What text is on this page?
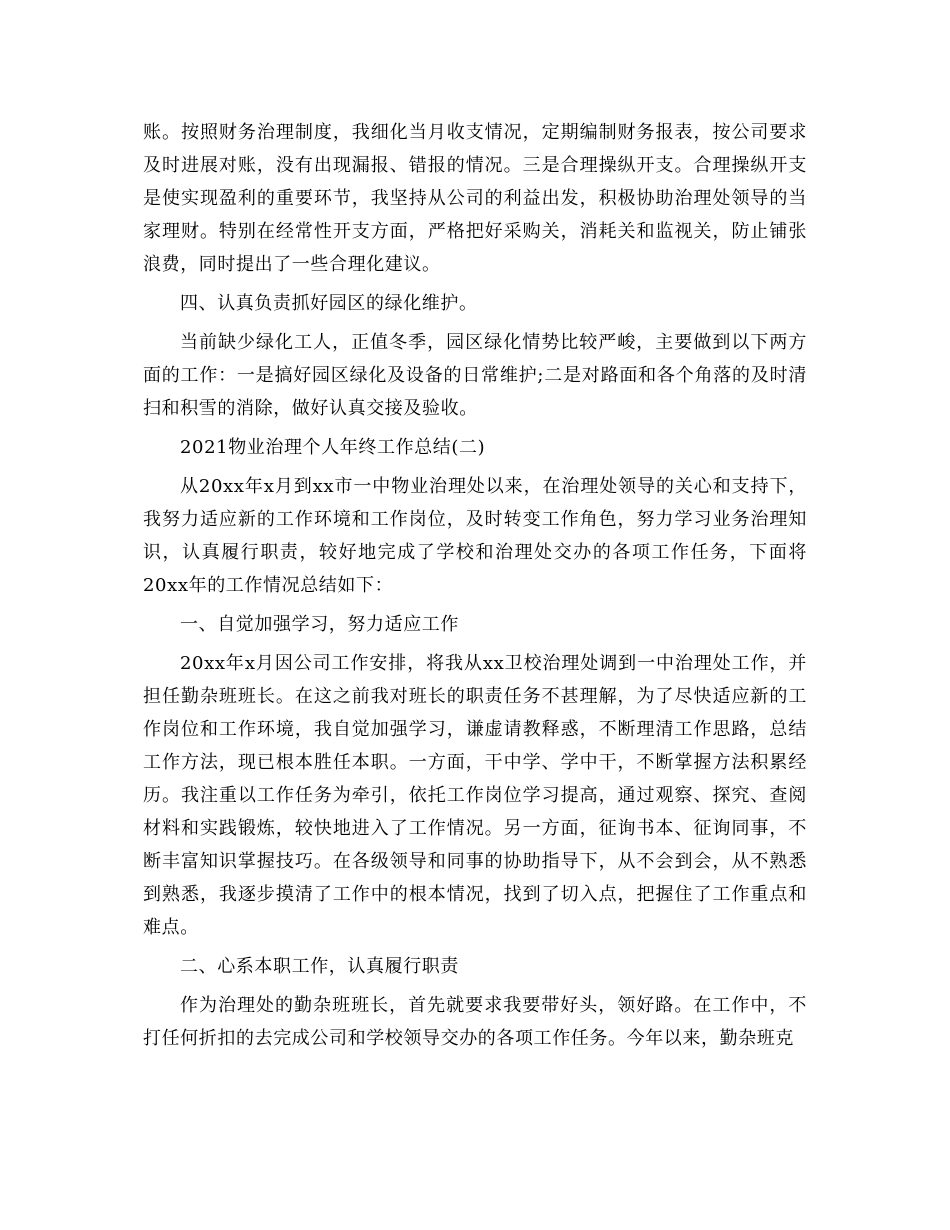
账。按照财务治理制度，我细化当月收支情况，定期编制财务报表，按公司要求及时进展对账，没有出现漏报、错报的情况。三是合理操纵开支。合理操纵开支是使实现盈利的重要环节，我坚持从公司的利益出发，积极协助治理处领导的当家理财。特别在经常性开支方面，严格把好采购关，消耗关和监视关，防止铺张浪费，同时提出了一些合理化建议。

四、认真负责抓好园区的绿化维护。

当前缺少绿化工人，正值冬季，园区绿化情势比较严峻，主要做到以下两方面的工作：一是搞好园区绿化及设备的日常维护;二是对路面和各个角落的及时清扫和积雪的消除，做好认真交接及验收。

2021物业治理个人年终工作总结(二)

从20xx年x月到xx市一中物业治理处以来，在治理处领导的关心和支持下，我努力适应新的工作环境和工作岗位，及时转变工作角色，努力学习业务治理知识，认真履行职责，较好地完成了学校和治理处交办的各项工作任务，下面将20xx年的工作情况总结如下：

一、自觉加强学习，努力适应工作

20xx年x月因公司工作安排，将我从xx卫校治理处调到一中治理处工作，并担任勤杂班班长。在这之前我对班长的职责任务不甚理解，为了尽快适应新的工作岗位和工作环境，我自觉加强学习，谦虚请教释惑，不断理清工作思路，总结工作方法，现已根本胜任本职。一方面，干中学、学中干，不断掌握方法积累经历。我注重以工作任务为牵引，依托工作岗位学习提高，通过观察、探究、查阅材料和实践锻炼，较快地进入了工作情况。另一方面，征询书本、征询同事，不断丰富知识掌握技巧。在各级领导和同事的协助指导下，从不会到会，从不熟悉到熟悉，我逐步摸清了工作中的根本情况，找到了切入点，把握住了工作重点和难点。

二、心系本职工作，认真履行职责

作为治理处的勤杂班班长，首先就要求我要带好头，领好路。在工作中，不打任何折扣的去完成公司和学校领导交办的各项工作任务。今年以来，勤杂班克
